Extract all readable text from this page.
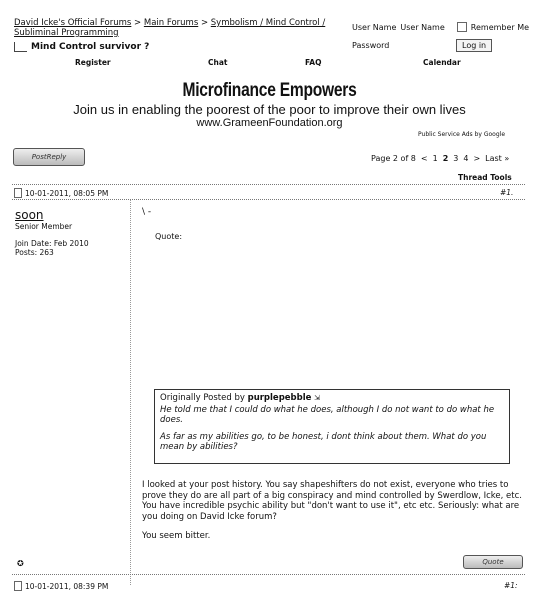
David Icke's Official Forums > Main Forums > Symbolism / Mind Control / Subliminal Programming
Mind Control survivor ?
User Name User Name	Remember Me
Password	Log in
Register	Chat	FAQ	Calendar
Microfinance Empowers
Join us in enabling the poorest of the poor to improve their own lives
www.GrameenFoundation.org
Public Service Ads by Google
PostReply	Page 2 of 8 < 1 2 3 4 > Last »
Thread Tools
10-01-2011, 08:05 PM	#1.
soon
Senior Member
Join Date: Feb 2010
Posts: 263
\ -
Quote:
Originally Posted by purplepebble ⇲

He told me that I could do what he does, although I do not want to do what he does.

As far as my abilities go, to be honest, i dont think about them. What do you mean by abilities?

I looked at your post history. You say shapeshifters do not exist, everyone who tries to prove they do are all part of a big conspiracy and mind controlled by Swerdlow, Icke, etc. You have incredible psychic ability but "don't want to use it", etc etc. Seriously: what are you doing on David Icke forum?

You seem bitter.

✪	Quote
10-01-2011, 08:39 PM	#1:
